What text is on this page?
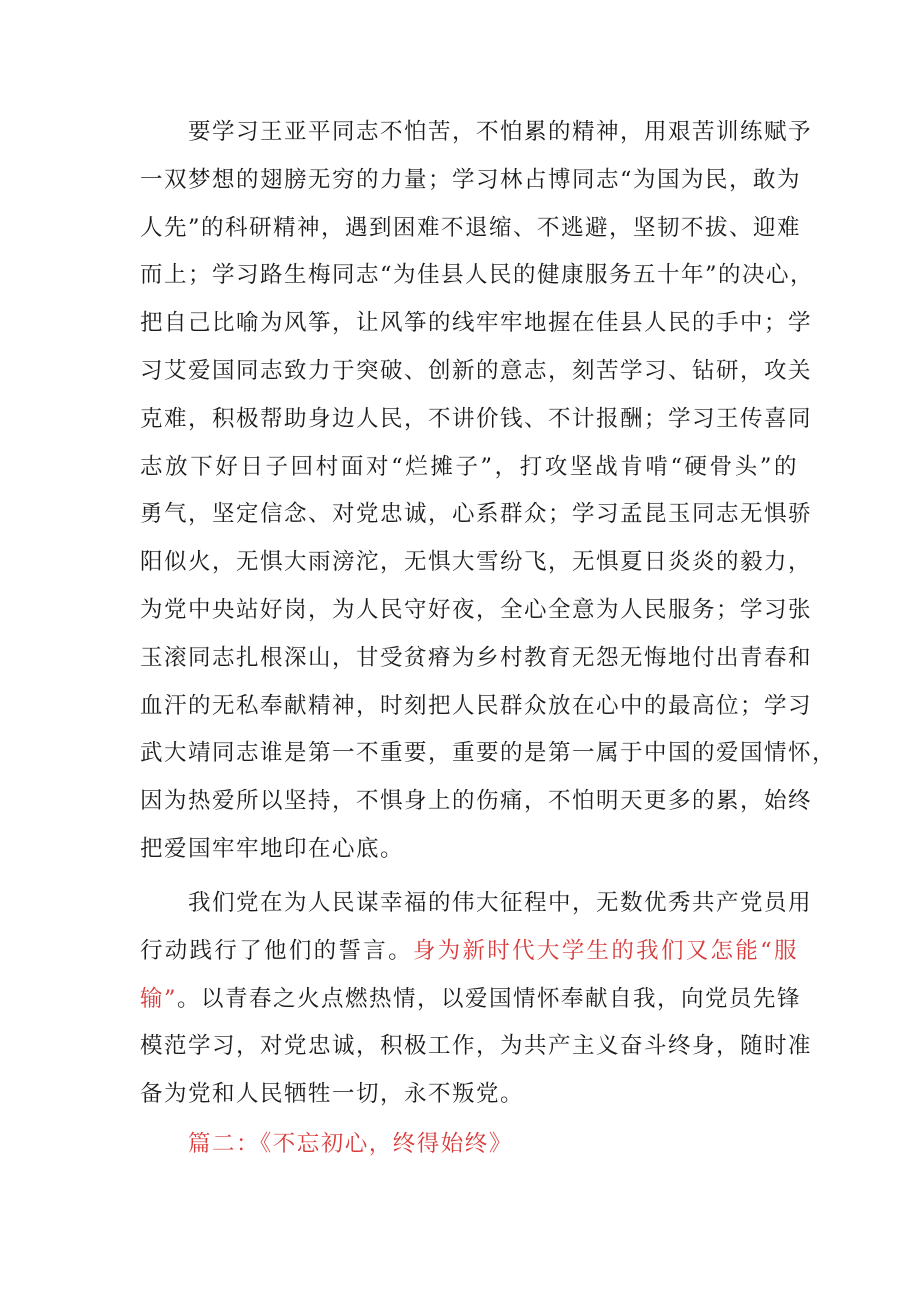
要学习王亚平同志不怕苦，不怕累的精神，用艰苦训练赋予
一双梦想的翅膀无穷的力量；学习林占博同志“为国为民，敢为
人先”的科研精神，遇到困难不退缩、不逃避，坚韧不拔、迎难
而上；学习路生梅同志“为佳县人民的健康服务五十年”的决心，
把自己比喻为风筝，让风筝的线牢牢地握在佳县人民的手中；学
习艾爱国同志致力于突破、创新的意志，刻苦学习、钻研，攻关
克难，积极帮助身边人民，不讲价钱、不计报酬；学习王传喜同
志放下好日子回村面对“烂摊子”，打攻坚战肯啃“硬骨头”的
勇气，坚定信念、对党忠诚，心系群众；学习孟昆玉同志无惧骄
阳似火，无惧大雨滂沱，无惧大雪纷飞，无惧夏日炎炎的毅力，
为党中央站好岗，为人民守好夜，全心全意为人民服务；学习张
玉滚同志扎根深山，甘受贫瘠为乡村教育无怨无悔地付出青春和
血汗的无私奉献精神，时刻把人民群众放在心中的最高位；学习
武大靖同志谁是第一不重要，重要的是第一属于中国的爱国情怀，
因为热爱所以坚持，不惧身上的伤痛，不怕明天更多的累，始终
把爱国牢牢地印在心底。
我们党在为人民谋幸福的伟大征程中，无数优秀共产党员用
行动践行了他们的誓言。身为新时代大学生的我们又怎能“服
输”。以青春之火点燃热情，以爱国情怀奉献自我，向党员先锋
模范学习，对党忠诚，积极工作，为共产主义奋斗终身，随时准
备为党和人民牺牲一切，永不叛党。
篇二：《不忘初心，终得始终》
